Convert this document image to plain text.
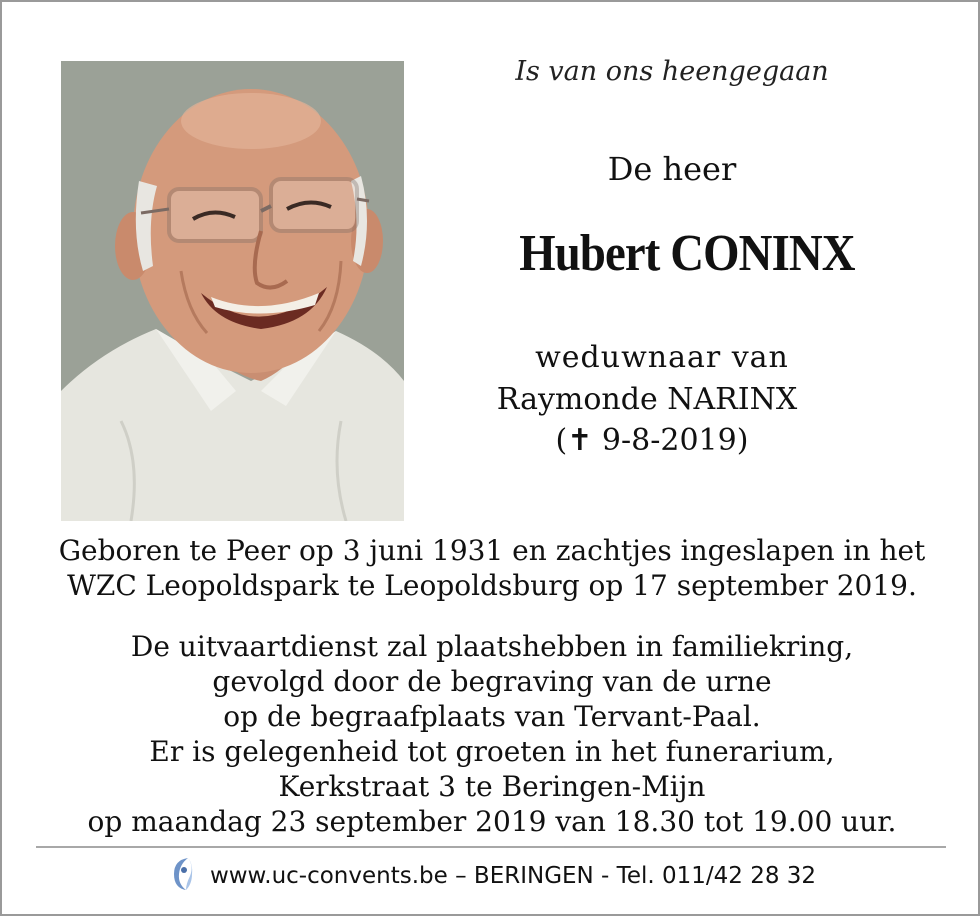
Is van ons heengegaan

De heer

Hubert CONINX

weduwnaar van

Raymonde NARINX

(✝ 9-8-2019)

Geboren te Peer op 3 juni 1931 en zachtjes ingeslapen in het

WZC Leopoldspark te Leopoldsburg op 17 september 2019.

De uitvaartdienst zal plaatshebben in familiekring,

gevolgd door de begraving van de urne

op de begraafplaats van Tervant-Paal.

Er is gelegenheid tot groeten in het funerarium,

Kerkstraat 3 te Beringen-Mijn

op maandag 23 september 2019 van 18.30 tot 19.00 uur.

www.uc-convents.be – BERINGEN - Tel. 011/42 28 32
